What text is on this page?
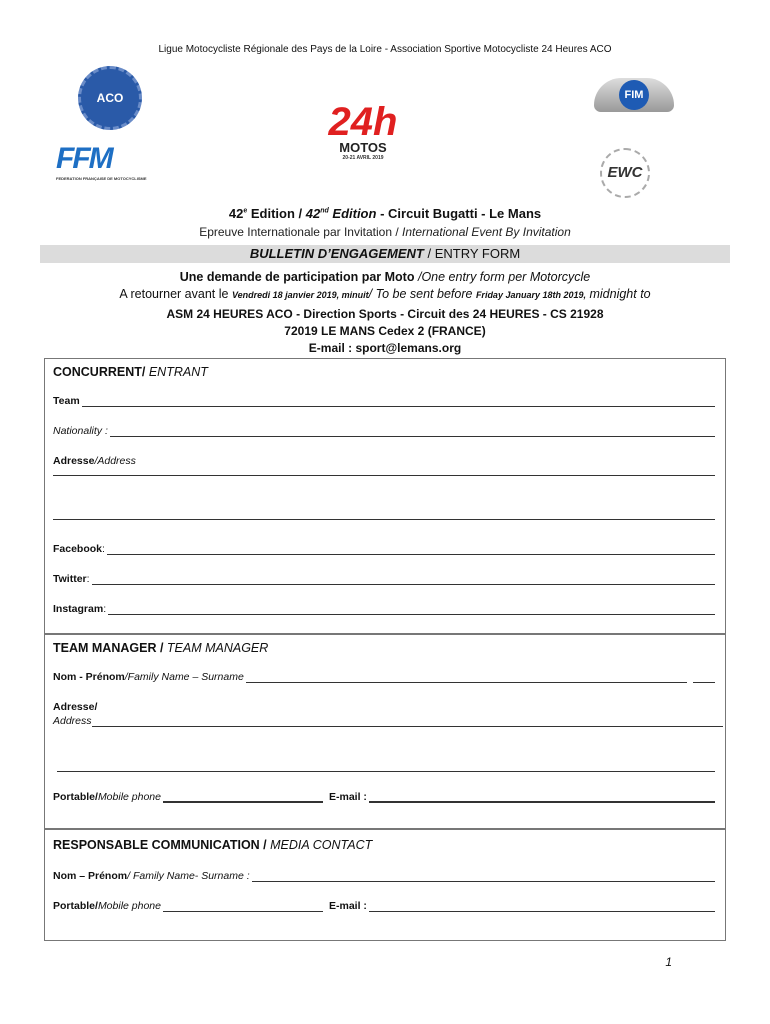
Ligue Motocycliste Régionale des Pays de la Loire - Association Sportive Motocycliste 24 Heures ACO
ACO
FFM
FEDERATION FRANÇAISE DE MOTOCYCLISME
24h
MOTOS
20-21 AVRIL 2019
FIM
EWC
42e Edition / 42nd Edition - Circuit Bugatti - Le Mans
Epreuve Internationale par Invitation / International Event By Invitation
BULLETIN D’ENGAGEMENT / ENTRY FORM
Une demande de participation par Moto /One entry form per Motorcycle
A retourner avant le Vendredi 18 janvier 2019, minuit/ To be sent before Friday January 18th 2019, midnight to
ASM 24 HEURES ACO - Direction Sports - Circuit des 24 HEURES - CS 21928
72019 LE MANS Cedex 2 (FRANCE)
E-mail : sport@lemans.org
CONCURRENT/ ENTRANT
Team
Nationality :
Adresse/Address
Facebook :
Twitter :
Instagram :
TEAM MANAGER / TEAM MANAGER
Nom - Prénom /Family Name – Surname
Adresse/
Address
Portable/ Mobile phone	E-mail :
RESPONSABLE COMMUNICATION / MEDIA CONTACT
Nom – Prénom / Family Name- Surname :
Portable/ Mobile phone	E-mail :
1
